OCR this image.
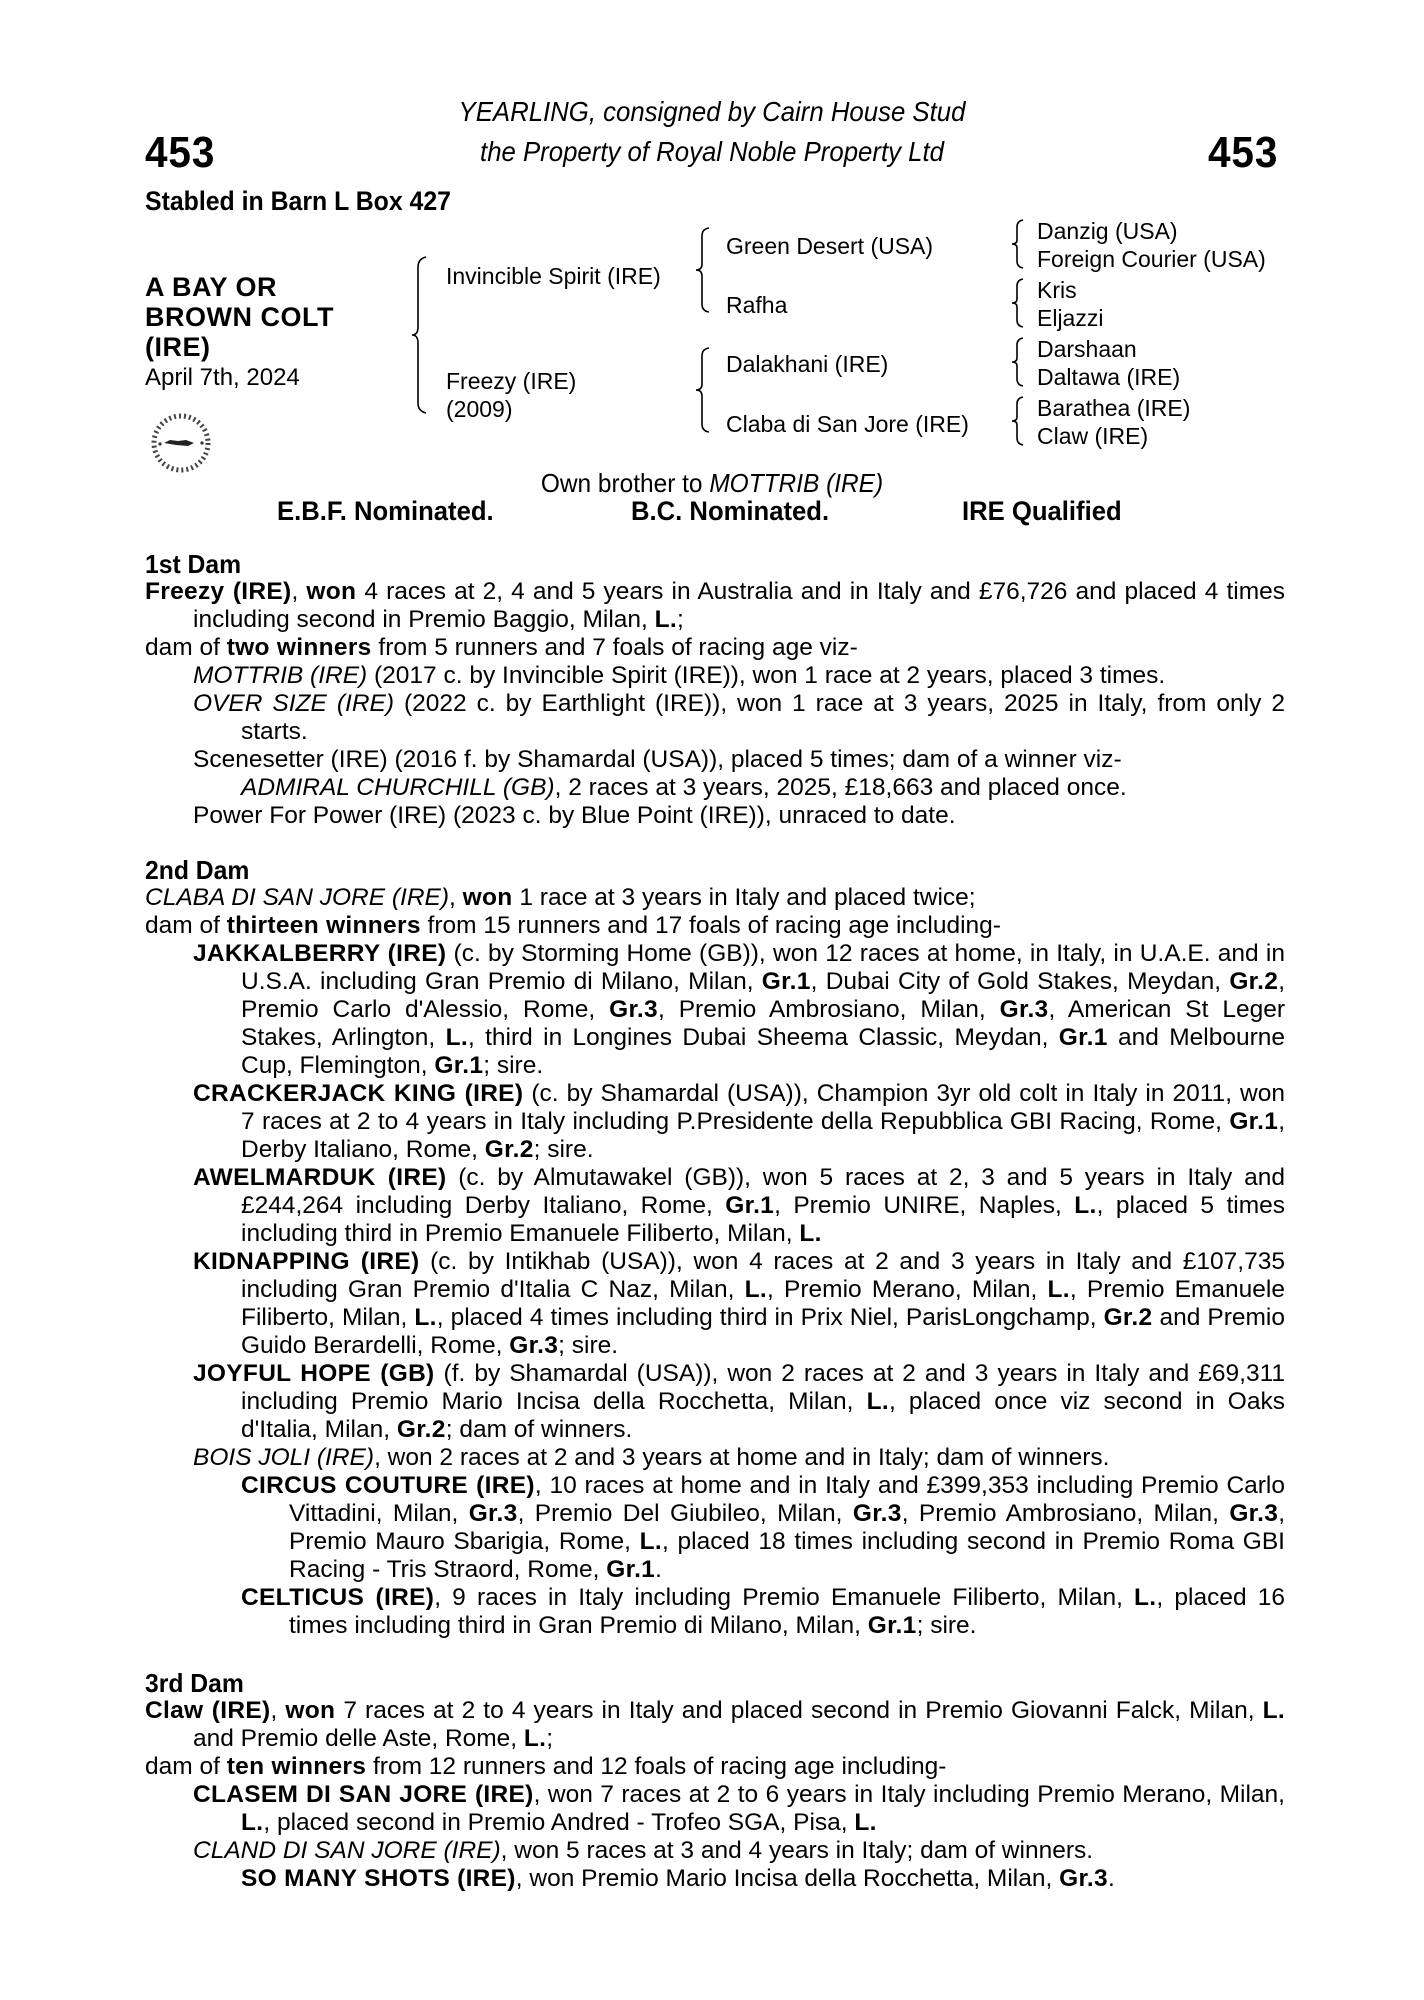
453
YEARLING, consigned by Cairn House Stud
the Property of Royal Noble Property Ltd	453
Stabled in Barn L Box 427
A BAY OR
BROWN COLT
(IRE)
April 7th, 2024
Invincible Spirit (IRE)
Freezy (IRE)
(2009)
Green Desert (USA)
Rafha
Dalakhani (IRE)
Claba di San Jore (IRE)
Danzig (USA)
Foreign Courier (USA)
Kris
Eljazzi
Darshaan
Daltawa (IRE)
Barathea (IRE)
Claw (IRE)
Own brother to MOTTRIB (IRE)
E.B.F. Nominated.	B.C. Nominated.	IRE Qualified
1st Dam
Freezy (IRE), won 4 races at 2, 4 and 5 years in Australia and in Italy and £76,726 and placed 4 times including second in Premio Baggio, Milan, L.;
dam of two winners from 5 runners and 7 foals of racing age viz-
MOTTRIB (IRE) (2017 c. by Invincible Spirit (IRE)), won 1 race at 2 years, placed 3 times.
OVER SIZE (IRE) (2022 c. by Earthlight (IRE)), won 1 race at 3 years, 2025 in Italy, from only 2 starts.
Scenesetter (IRE) (2016 f. by Shamardal (USA)), placed 5 times; dam of a winner viz-
ADMIRAL CHURCHILL (GB), 2 races at 3 years, 2025, £18,663 and placed once.
Power For Power (IRE) (2023 c. by Blue Point (IRE)), unraced to date.
2nd Dam
CLABA DI SAN JORE (IRE), won 1 race at 3 years in Italy and placed twice;
dam of thirteen winners from 15 runners and 17 foals of racing age including-
JAKKALBERRY (IRE) (c. by Storming Home (GB)), won 12 races at home, in Italy, in U.A.E. and in U.S.A. including Gran Premio di Milano, Milan, Gr.1, Dubai City of Gold Stakes, Meydan, Gr.2, Premio Carlo d'Alessio, Rome, Gr.3, Premio Ambrosiano, Milan, Gr.3, American St Leger Stakes, Arlington, L., third in Longines Dubai Sheema Classic, Meydan, Gr.1 and Melbourne Cup, Flemington, Gr.1; sire.
CRACKERJACK KING (IRE) (c. by Shamardal (USA)), Champion 3yr old colt in Italy in 2011, won 7 races at 2 to 4 years in Italy including P.Presidente della Repubblica GBI Racing, Rome, Gr.1, Derby Italiano, Rome, Gr.2; sire.
AWELMARDUK (IRE) (c. by Almutawakel (GB)), won 5 races at 2, 3 and 5 years in Italy and £244,264 including Derby Italiano, Rome, Gr.1, Premio UNIRE, Naples, L., placed 5 times including third in Premio Emanuele Filiberto, Milan, L.
KIDNAPPING (IRE) (c. by Intikhab (USA)), won 4 races at 2 and 3 years in Italy and £107,735 including Gran Premio d'Italia C Naz, Milan, L., Premio Merano, Milan, L., Premio Emanuele Filiberto, Milan, L., placed 4 times including third in Prix Niel, ParisLongchamp, Gr.2 and Premio Guido Berardelli, Rome, Gr.3; sire.
JOYFUL HOPE (GB) (f. by Shamardal (USA)), won 2 races at 2 and 3 years in Italy and £69,311 including Premio Mario Incisa della Rocchetta, Milan, L., placed once viz second in Oaks d'Italia, Milan, Gr.2; dam of winners.
BOIS JOLI (IRE), won 2 races at 2 and 3 years at home and in Italy; dam of winners.
CIRCUS COUTURE (IRE), 10 races at home and in Italy and £399,353 including Premio Carlo Vittadini, Milan, Gr.3, Premio Del Giubileo, Milan, Gr.3, Premio Ambrosiano, Milan, Gr.3, Premio Mauro Sbarigia, Rome, L., placed 18 times including second in Premio Roma GBI Racing - Tris Straord, Rome, Gr.1.
CELTICUS (IRE), 9 races in Italy including Premio Emanuele Filiberto, Milan, L., placed 16 times including third in Gran Premio di Milano, Milan, Gr.1; sire.
3rd Dam
Claw (IRE), won 7 races at 2 to 4 years in Italy and placed second in Premio Giovanni Falck, Milan, L. and Premio delle Aste, Rome, L.;
dam of ten winners from 12 runners and 12 foals of racing age including-
CLASEM DI SAN JORE (IRE), won 7 races at 2 to 6 years in Italy including Premio Merano, Milan, L., placed second in Premio Andred - Trofeo SGA, Pisa, L.
CLAND DI SAN JORE (IRE), won 5 races at 3 and 4 years in Italy; dam of winners.
SO MANY SHOTS (IRE), won Premio Mario Incisa della Rocchetta, Milan, Gr.3.
